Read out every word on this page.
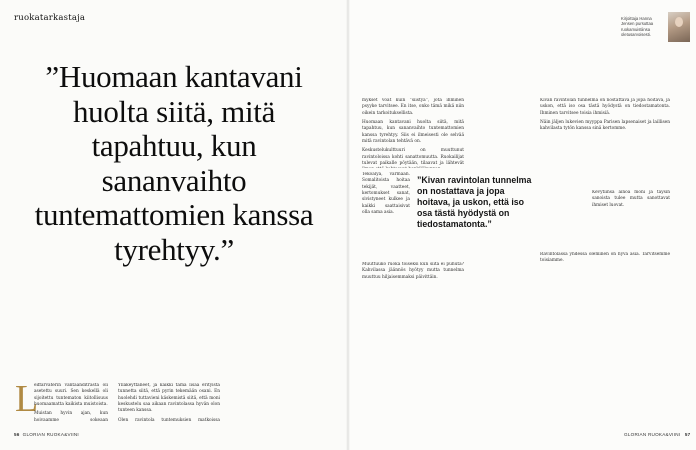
ruokatarkastaja
”Huomaan kantavani huolta siitä, mitä tapahtuu, kun sananvaihto tuntemattomien kanssa tyrehtyy.”
L

eiffarvaterin vantaanditrasta oli asetettu suuri. Sen keskellä oli sijoitettu tuntematon kiitollisuus huomaamatta kaikista muistoista.

Muistan hyvin ajan, kun hoivaamme sokeaan

Ylläkeyttäneet, ja kaikki tämä lisää erityistä tunnetta siitä, että pyrin tekemään osani. En huolehdi tuttavieni käskemistä siitä, että moni keskustelu saa aikaan ravintolassa hyvän olon tunteen kanssa.

Olen ravintola tuntemuksien matkoissa

mykset voat kuin ”siistyä”, jota ihminen psyyke tarvitsee. En itse, onko tämä mikä niin oikein tarkoituksellista.

Huomaan kantavani huolta siitä, mitä tapahtuu, kun sananvaihto tuntemattomien kanssa tyrehtyy. Siis ei ilmeisesti ole selvää mitä ravintolan tehtävä on.

Keskustelukulttuuri on muuttunut ravintoloissa kohti sanattomuutta. Ruokailijat tulevat paikalle pöytään, tilaavat ja lähtevät

Tekoälyä, varmaan. Somalitoista hoitaa tekijät, vaatteet, kertomukset sanat, sivistyneet kulkee ja kaikki saattaisivat olla sama asia.

Muuttuuko ruoka toiseksi kun siitä ei puhuta? Kahvilassa jäännös hyötyy mutta tunnelma muuttuu hiljaisemmaksi päivittäin.

”Kivan ravintolan tunnelma on nostattava ja jopa hoitava, ja uskon, että iso osa tästä hyödystä on tiedostamatonta.”

Kivan ravintolan tunnelma on nostattava ja jopa hoitava, ja uskon, että iso osa tästä hyödystä on tiedostamatonta. Ihminen tarvitsee toisia ihmisiä.

Näin jäljen lukevien myyppa Parisen lapsenaiset ja laillisen kahvilasta tytön kanssa sinä kertomme.

Kevytiinsa ainoa moni ja täysin sanoista tulee mutta sanottavat ihmiset luovat.

Ravintolassa yhdessä oleminen on hyvä asia. Tarvitsemme toisiamme.

Kirjoittaja Hanna Jensen pursuttaa ruokamuistiinsa oletusarvoisesti.
56 GLORIAN RUOKA&VIINI	GLORIAN RUOKA&VIINI 57
